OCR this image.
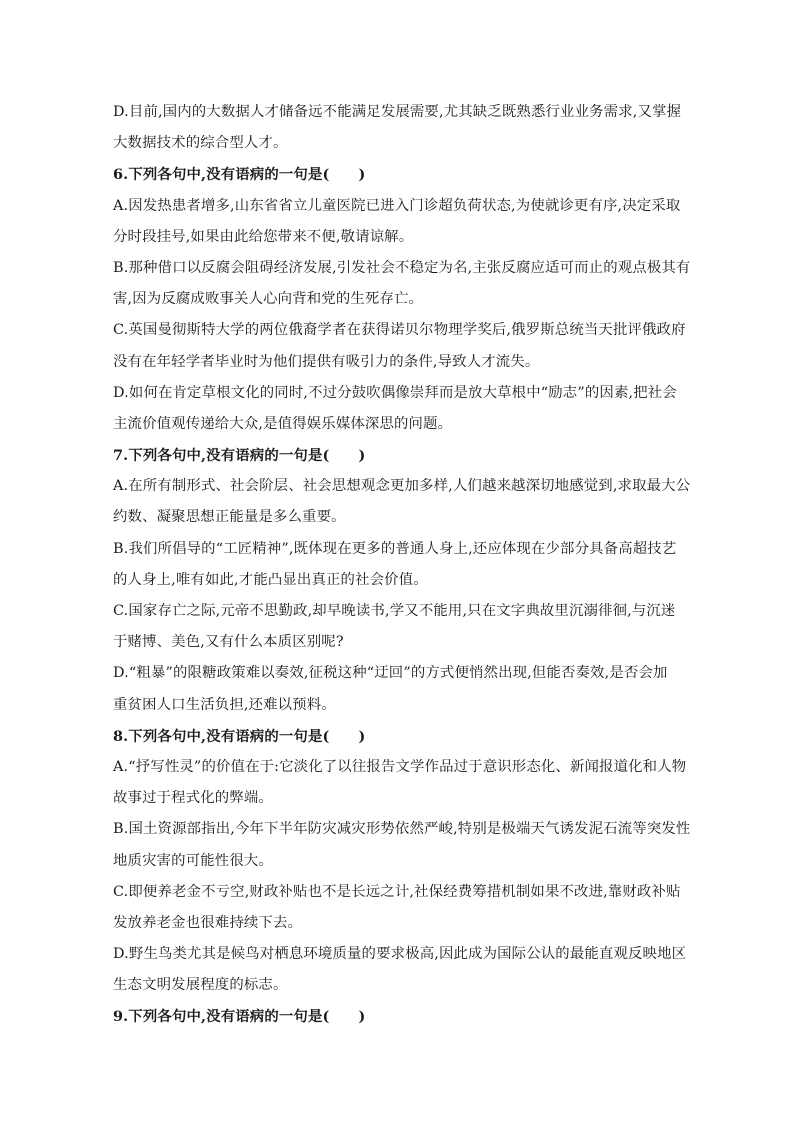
D.目前,国内的大数据人才储备远不能满足发展需要,尤其缺乏既熟悉行业业务需求,又掌握
大数据技术的综合型人才。
6.下列各句中,没有语病的一句是(　　)
A.因发热患者增多,山东省省立儿童医院已进入门诊超负荷状态,为使就诊更有序,决定采取
分时段挂号,如果由此给您带来不便,敬请谅解。
B.那种借口以反腐会阻碍经济发展,引发社会不稳定为名,主张反腐应适可而止的观点极其有
害,因为反腐成败事关人心向背和党的生死存亡。
C.英国曼彻斯特大学的两位俄裔学者在获得诺贝尔物理学奖后,俄罗斯总统当天批评俄政府
没有在年轻学者毕业时为他们提供有吸引力的条件,导致人才流失。
D.如何在肯定草根文化的同时,不过分鼓吹偶像崇拜而是放大草根中“励志”的因素,把社会
主流价值观传递给大众,是值得娱乐媒体深思的问题。
7.下列各句中,没有语病的一句是(　　)
A.在所有制形式、社会阶层、社会思想观念更加多样,人们越来越深切地感觉到,求取最大公
约数、凝聚思想正能量是多么重要。
B.我们所倡导的“工匠精神”,既体现在更多的普通人身上,还应体现在少部分具备高超技艺
的人身上,唯有如此,才能凸显出真正的社会价值。
C.国家存亡之际,元帝不思勤政,却早晚读书,学又不能用,只在文字典故里沉溺徘徊,与沉迷
于赌博、美色,又有什么本质区别呢?
D.“粗暴”的限糖政策难以奏效,征税这种“迂回”的方式便悄然出现,但能否奏效,是否会加
重贫困人口生活负担,还难以预料。
8.下列各句中,没有语病的一句是(　　)
A.“抒写性灵”的价值在于:它淡化了以往报告文学作品过于意识形态化、新闻报道化和人物
故事过于程式化的弊端。
B.国土资源部指出,今年下半年防灾减灾形势依然严峻,特别是极端天气诱发泥石流等突发性
地质灾害的可能性很大。
C.即便养老金不亏空,财政补贴也不是长远之计,社保经费筹措机制如果不改进,靠财政补贴
发放养老金也很难持续下去。
D.野生鸟类尤其是候鸟对栖息环境质量的要求极高,因此成为国际公认的最能直观反映地区
生态文明发展程度的标志。
9.下列各句中,没有语病的一句是(　　)
